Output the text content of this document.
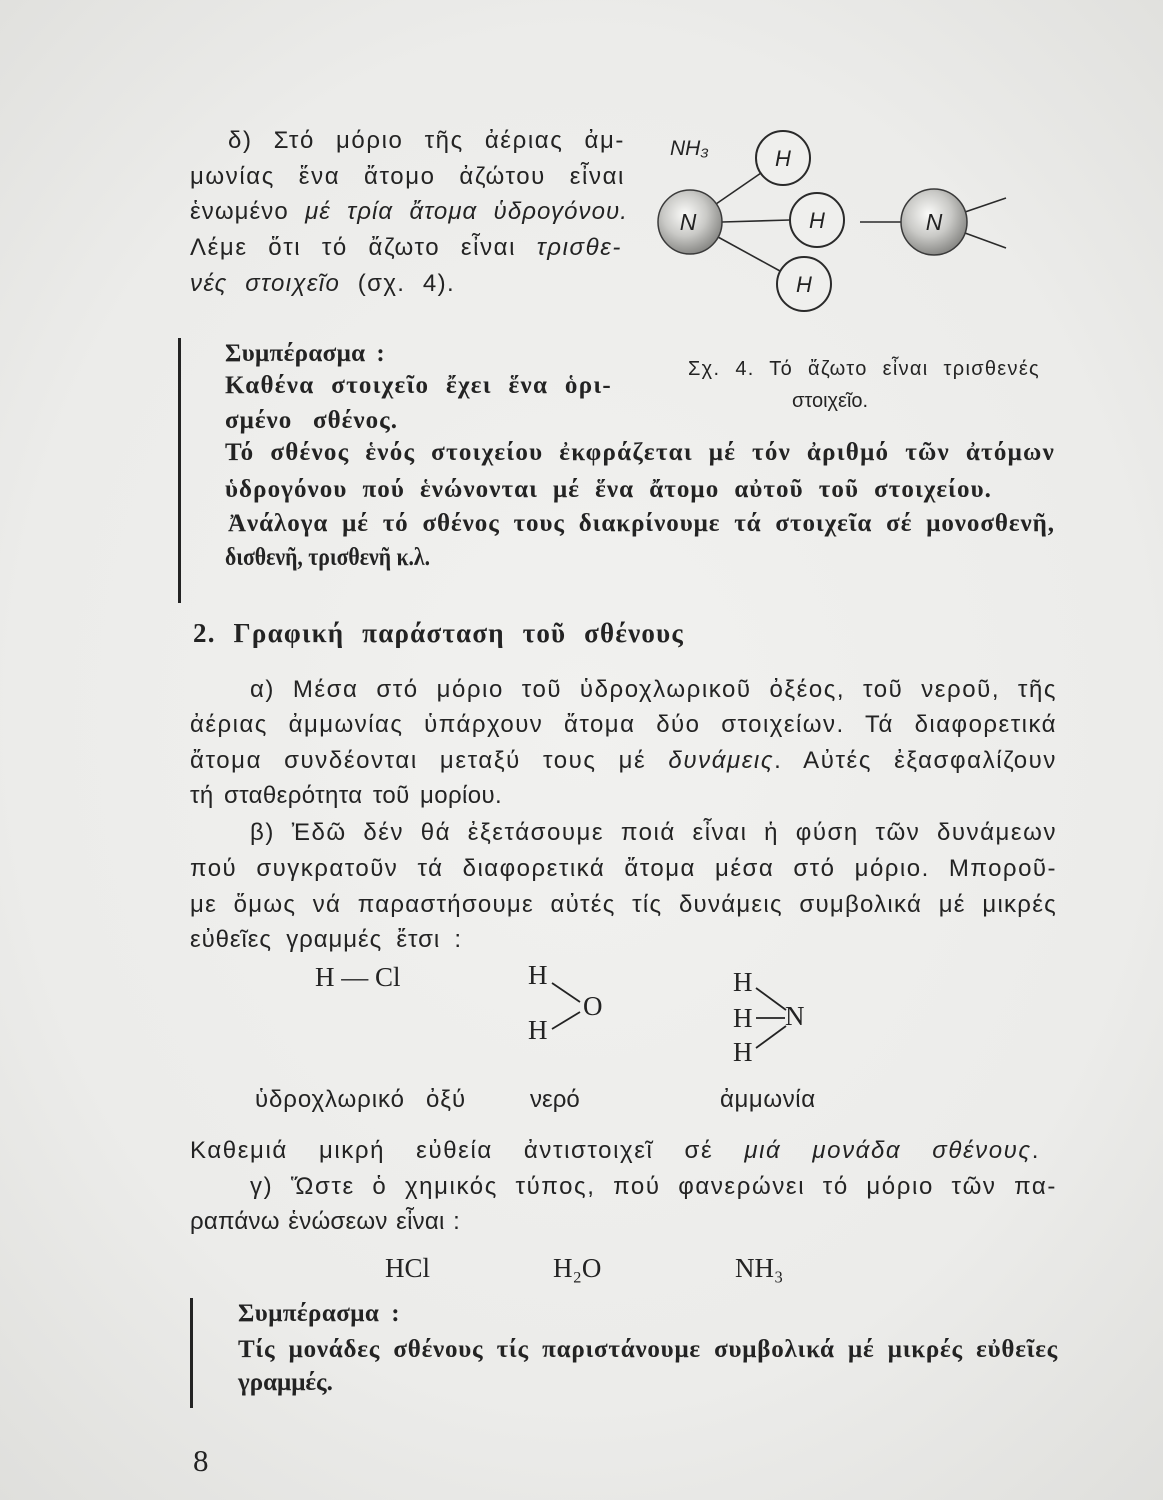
δ) Στό μόριο τῆς ἀέριας ἀμ-
μωνίας ἕνα ἄτομο ἀζώτου εἶναι
ἑνωμένο μέ τρία ἄτομα ὑδρογόνου.
Λέμε ὅτι τό ἄζωτο εἶναι τρισθε-
νές στοιχεῖο (σχ. 4).
NH₃	H
N	H
H
N
Σχ. 4. Τό ἄζωτο εἶναι τρισθενές
στοιχεῖο.
Συμπέρασμα :
Καθένα στοιχεῖο ἔχει ἕνα ὁρι-
σμένο σθένος.
Τό σθένος ἑνός στοιχείου ἐκφράζεται μέ τόν ἀριθμό τῶν ἀτόμων
ὑδρογόνου πού ἑνώνονται μέ ἕνα ἄτομο αὐτοῦ τοῦ στοιχείου.
Ἀνάλογα μέ τό σθένος τους διακρίνουμε τά στοιχεῖα σέ μονοσθενῆ,
δισθενῆ, τρισθενῆ κ.λ.
2. Γραφική παράσταση τοῦ σθένους
α) Μέσα στό μόριο τοῦ ὑδροχλωρικοῦ ὀξέος, τοῦ νεροῦ, τῆς
ἀέριας ἀμμωνίας ὑπάρχουν ἄτομα δύο στοιχείων. Τά διαφορετικά
ἄτομα συνδέονται μεταξύ τους μέ δυνάμεις. Αὐτές ἐξασφαλίζουν
τή σταθερότητα τοῦ μορίου.
β) Ἐδῶ δέν θά ἐξετάσουμε ποιά εἶναι ἡ φύση τῶν δυνάμεων
πού συγκρατοῦν τά διαφορετικά ἄτομα μέσα στό μόριο. Μποροῦ-
με ὅμως νά παραστήσουμε αὐτές τίς δυνάμεις συμβολικά μέ μικρές
εὐθεῖες γραμμές ἔτσι :
H — Cl	H
O
H
H
H N
H
ὑδροχλωρικό ὀξύ	νερό	ἀμμωνία
Καθεμιά μικρή εὐθεία ἀντιστοιχεῖ σέ μιά μονάδα σθένους.
γ) Ὥστε ὁ χημικός τύπος, πού φανερώνει τό μόριο τῶν πα-
ραπάνω ἑνώσεων εἶναι :
HCl	H₂O	NH₃
Συμπέρασμα :
Τίς μονάδες σθένους τίς παριστάνουμε συμβολικά μέ μικρές εὐθεῖες
γραμμές.
8
